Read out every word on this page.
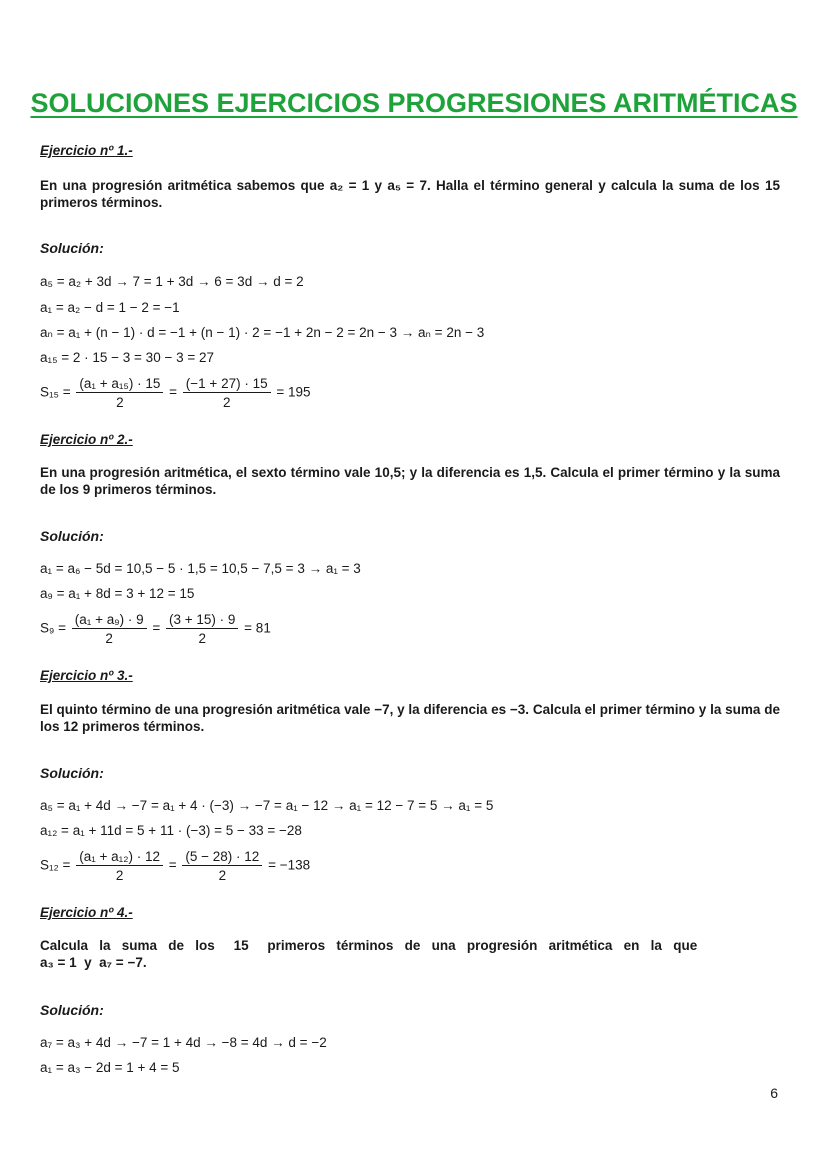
SOLUCIONES EJERCICIOS PROGRESIONES ARITMÉTICAS
Ejercicio nº 1.-
En una progresión aritmética sabemos que a₂ = 1 y a₅ = 7. Halla el término general y calcula la suma de los 15 primeros términos.
Solución:
a₅ = a₂ + 3d → 7 = 1 + 3d → 6 = 3d → d = 2
a₁ = a₂ − d = 1 − 2 = −1
aₙ = a₁ + (n − 1) · d = −1 + (n − 1) · 2 = −1 + 2n − 2 = 2n − 3 → aₙ = 2n − 3
a₁₅ = 2 · 15 − 3 = 30 − 3 = 27
$S_{15} = \frac{\text{(a₁ + a₁₅) · 15}}{2} = \frac{(-1 + 27) \cdot 15}{2} = 195$
Ejercicio nº 2.-
En una progresión aritmética, el sexto término vale 10,5; y la diferencia es 1,5. Calcula el primer término y la suma de los 9 primeros términos.
Solución:
a₁ = a₆ − 5d = 10,5 − 5 · 1,5 = 10,5 − 7,5 = 3 → a₁ = 3
a₉ = a₁ + 8d = 3 + 12 = 15
$S_9 = \frac{\text{(a₁ + a₉) · 9}}{2} = \frac{(3 + 15) \cdot 9}{2} = 81$
Ejercicio nº 3.-
El quinto término de una progresión aritmética vale −7, y la diferencia es −3. Calcula el primer término y la suma de los 12 primeros términos.
Solución:
a₅ = a₁ + 4d → −7 = a₁ + 4 · (−3) → −7 = a₁ − 12 → a₁ = 12 − 7 = 5 → a₁ = 5
a₁₂ = a₁ + 11d = 5 + 11 · (−3) = 5 − 33 = −28
$S_{12} = \frac{\text{(a₁ + a₁₂) · 12}}{2} = \frac{(5 - 28) \cdot 12}{2} = -138$
Ejercicio nº 4.-
Calcula   la   suma   de   los     15     primeros   términos   de   una   progresión   aritmética   en   la   que
a₃ = 1  y  a₇ = −7.
Solución:
a₇ = a₃ + 4d → −7 = 1 + 4d → −8 = 4d → d = −2
a₁ = a₃ − 2d = 1 + 4 = 5
6
